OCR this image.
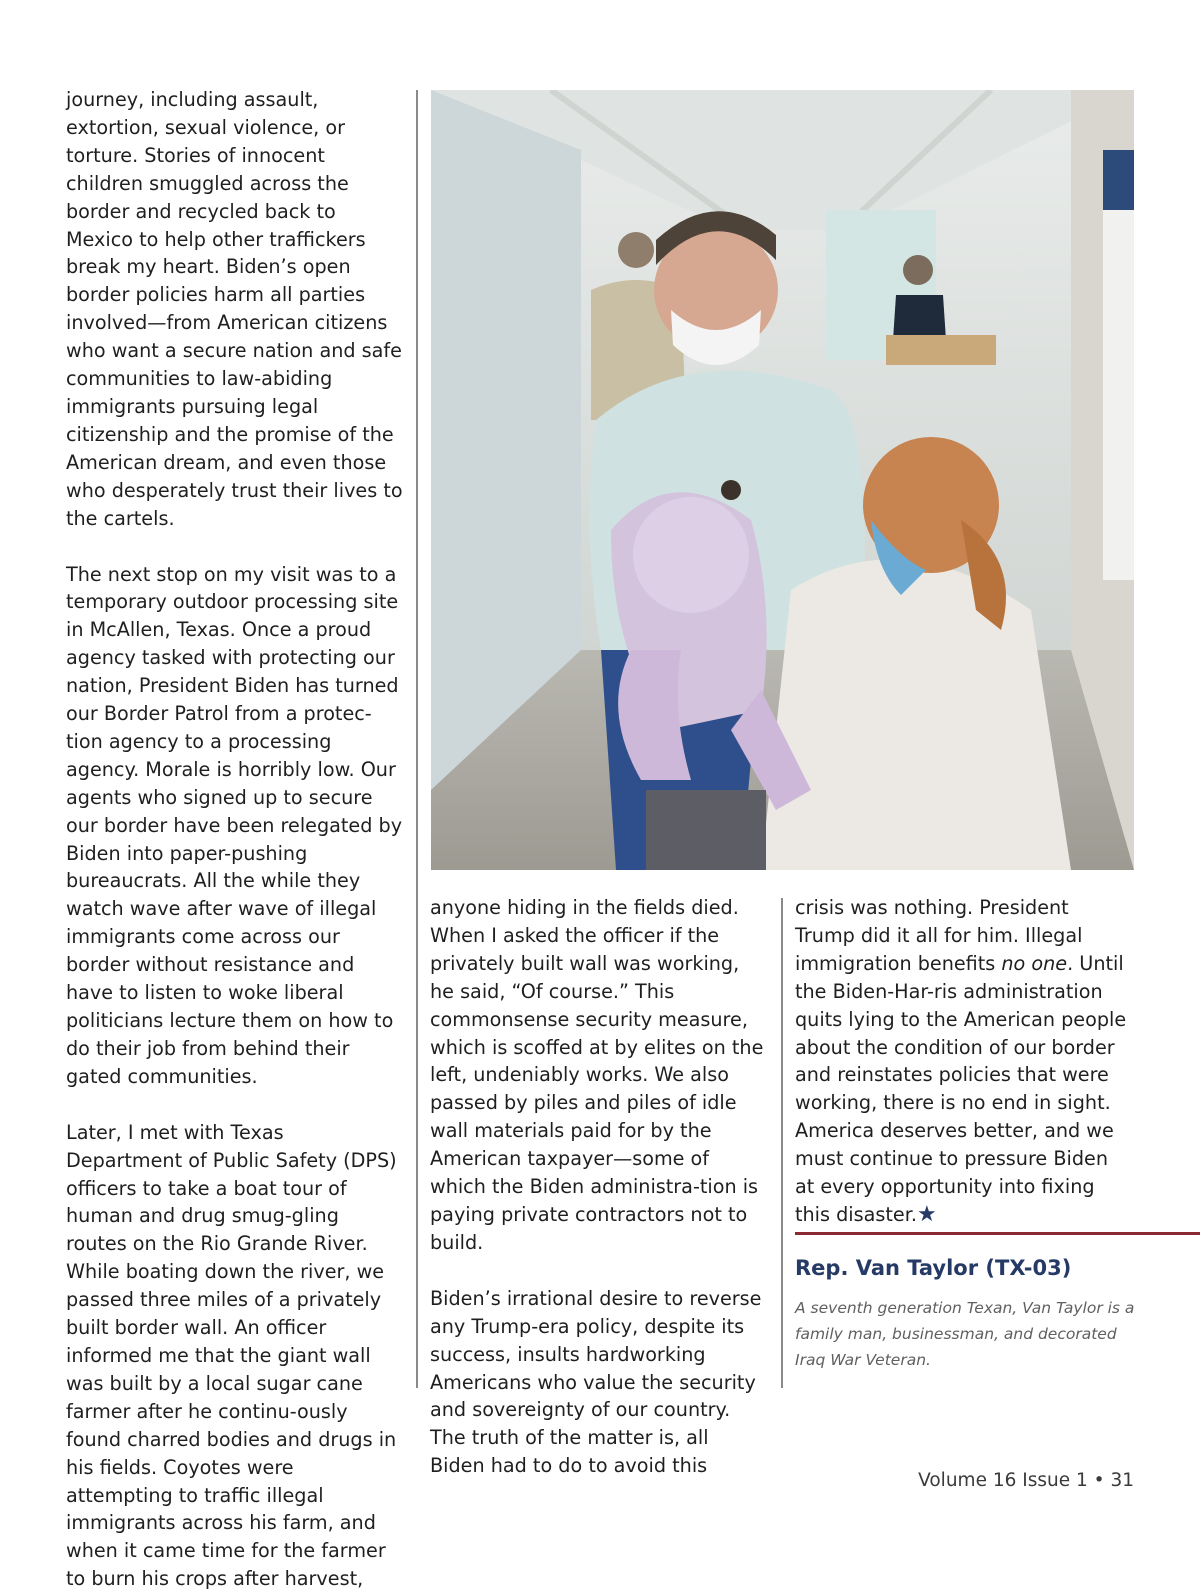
journey, including assault, extortion, sexual violence, or torture. Stories of innocent children smuggled across the border and recycled back to Mexico to help other traffickers break my heart. Biden’s open border policies harm all parties involved—from American citizens who want a secure nation and safe communities to law-abiding immigrants pursuing legal citizenship and the promise of the American dream, and even those who desperately trust their lives to the cartels.

The next stop on my visit was to a temporary outdoor processing site in McAllen, Texas. Once a proud agency tasked with protecting our nation, President Biden has turned our Border Patrol from a protec-tion agency to a processing agency. Morale is horribly low. Our agents who signed up to secure our border have been relegated by Biden into paper-pushing bureaucrats. All the while they watch wave after wave of illegal immigrants come across our border without resistance and have to listen to woke liberal politicians lecture them on how to do their job from behind their gated communities.

Later, I met with Texas Department of Public Safety (DPS) officers to take a boat tour of human and drug smug-gling routes on the Rio Grande River. While boating down the river, we passed three miles of a privately built border wall. An officer informed me that the giant wall was built by a local sugar cane farmer after he continu-ously found charred bodies and drugs in his fields. Coyotes were attempting to traffic illegal immigrants across his farm, and when it came time for the farmer to burn his crops after harvest,

anyone hiding in the fields died. When I asked the officer if the privately built wall was working, he said, “Of course.” This commonsense security measure, which is scoffed at by elites on the left, undeniably works. We also passed by piles and piles of idle wall materials paid for by the American taxpayer—some of which the Biden administra-tion is paying private contractors not to build.

Biden’s irrational desire to reverse any Trump-era policy, despite its success, insults hardworking Americans who value the security and sovereignty of our country. The truth of the matter is, all Biden had to do to avoid this

crisis was nothing. President Trump did it all for him. Illegal immigration benefits no one. Until the Biden-Har-ris administration quits lying to the American people about the condition of our border and reinstates policies that were working, there is no end in sight. America deserves better, and we must continue to pressure Biden at every opportunity into fixing this disaster.★

Rep. Van Taylor (TX-03)
A seventh generation Texan, Van Taylor is a family man, businessman, and decorated Iraq War Veteran.
Volume 16 Issue 1 • 31
